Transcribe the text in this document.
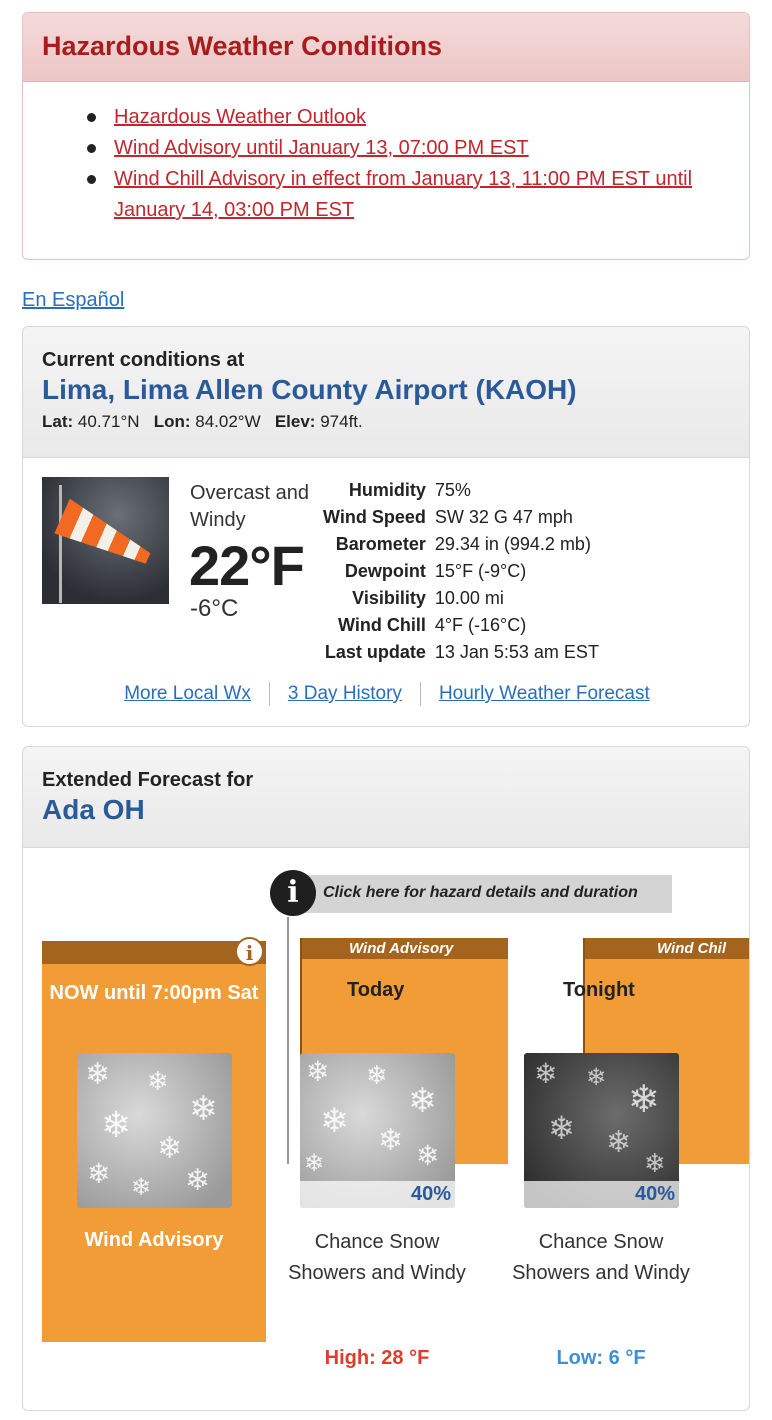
Hazardous Weather Conditions
Hazardous Weather Outlook
Wind Advisory until January 13, 07:00 PM EST
Wind Chill Advisory in effect from January 13, 11:00 PM EST until January 14, 03:00 PM EST
En Español
Current conditions at
Lima, Lima Allen County Airport (KAOH)
Lat: 40.71°N Lon: 84.02°W Elev: 974ft.
Overcast and Windy
22°F
-6°C
Humidity	75%
Wind Speed	SW 32 G 47 mph
Barometer	29.34 in (994.2 mb)
Dewpoint	15°F (-9°C)
Visibility	10.00 mi
Wind Chill	4°F (-16°C)
Last update	13 Jan 5:53 am EST
More Local Wx 3 Day History Hourly Weather Forecast
Extended Forecast for
Ada OH
i	Click here for hazard details and duration
i
NOW until 7:00pm Sat
❄ ❄
❄
❄
❄
❄ ❄
❄
Wind Advisory
Wind Advisory
Today
❄ ❄
❄
❄ ❄
❄	❄
40%
Chance Snow Showers and Windy
High: 28 °F
Wind Chil
Tonight
❄ ❄ ❄
❄ ❄
❄
40%
Chance Snow Showers and Windy
Low: 6 °F
